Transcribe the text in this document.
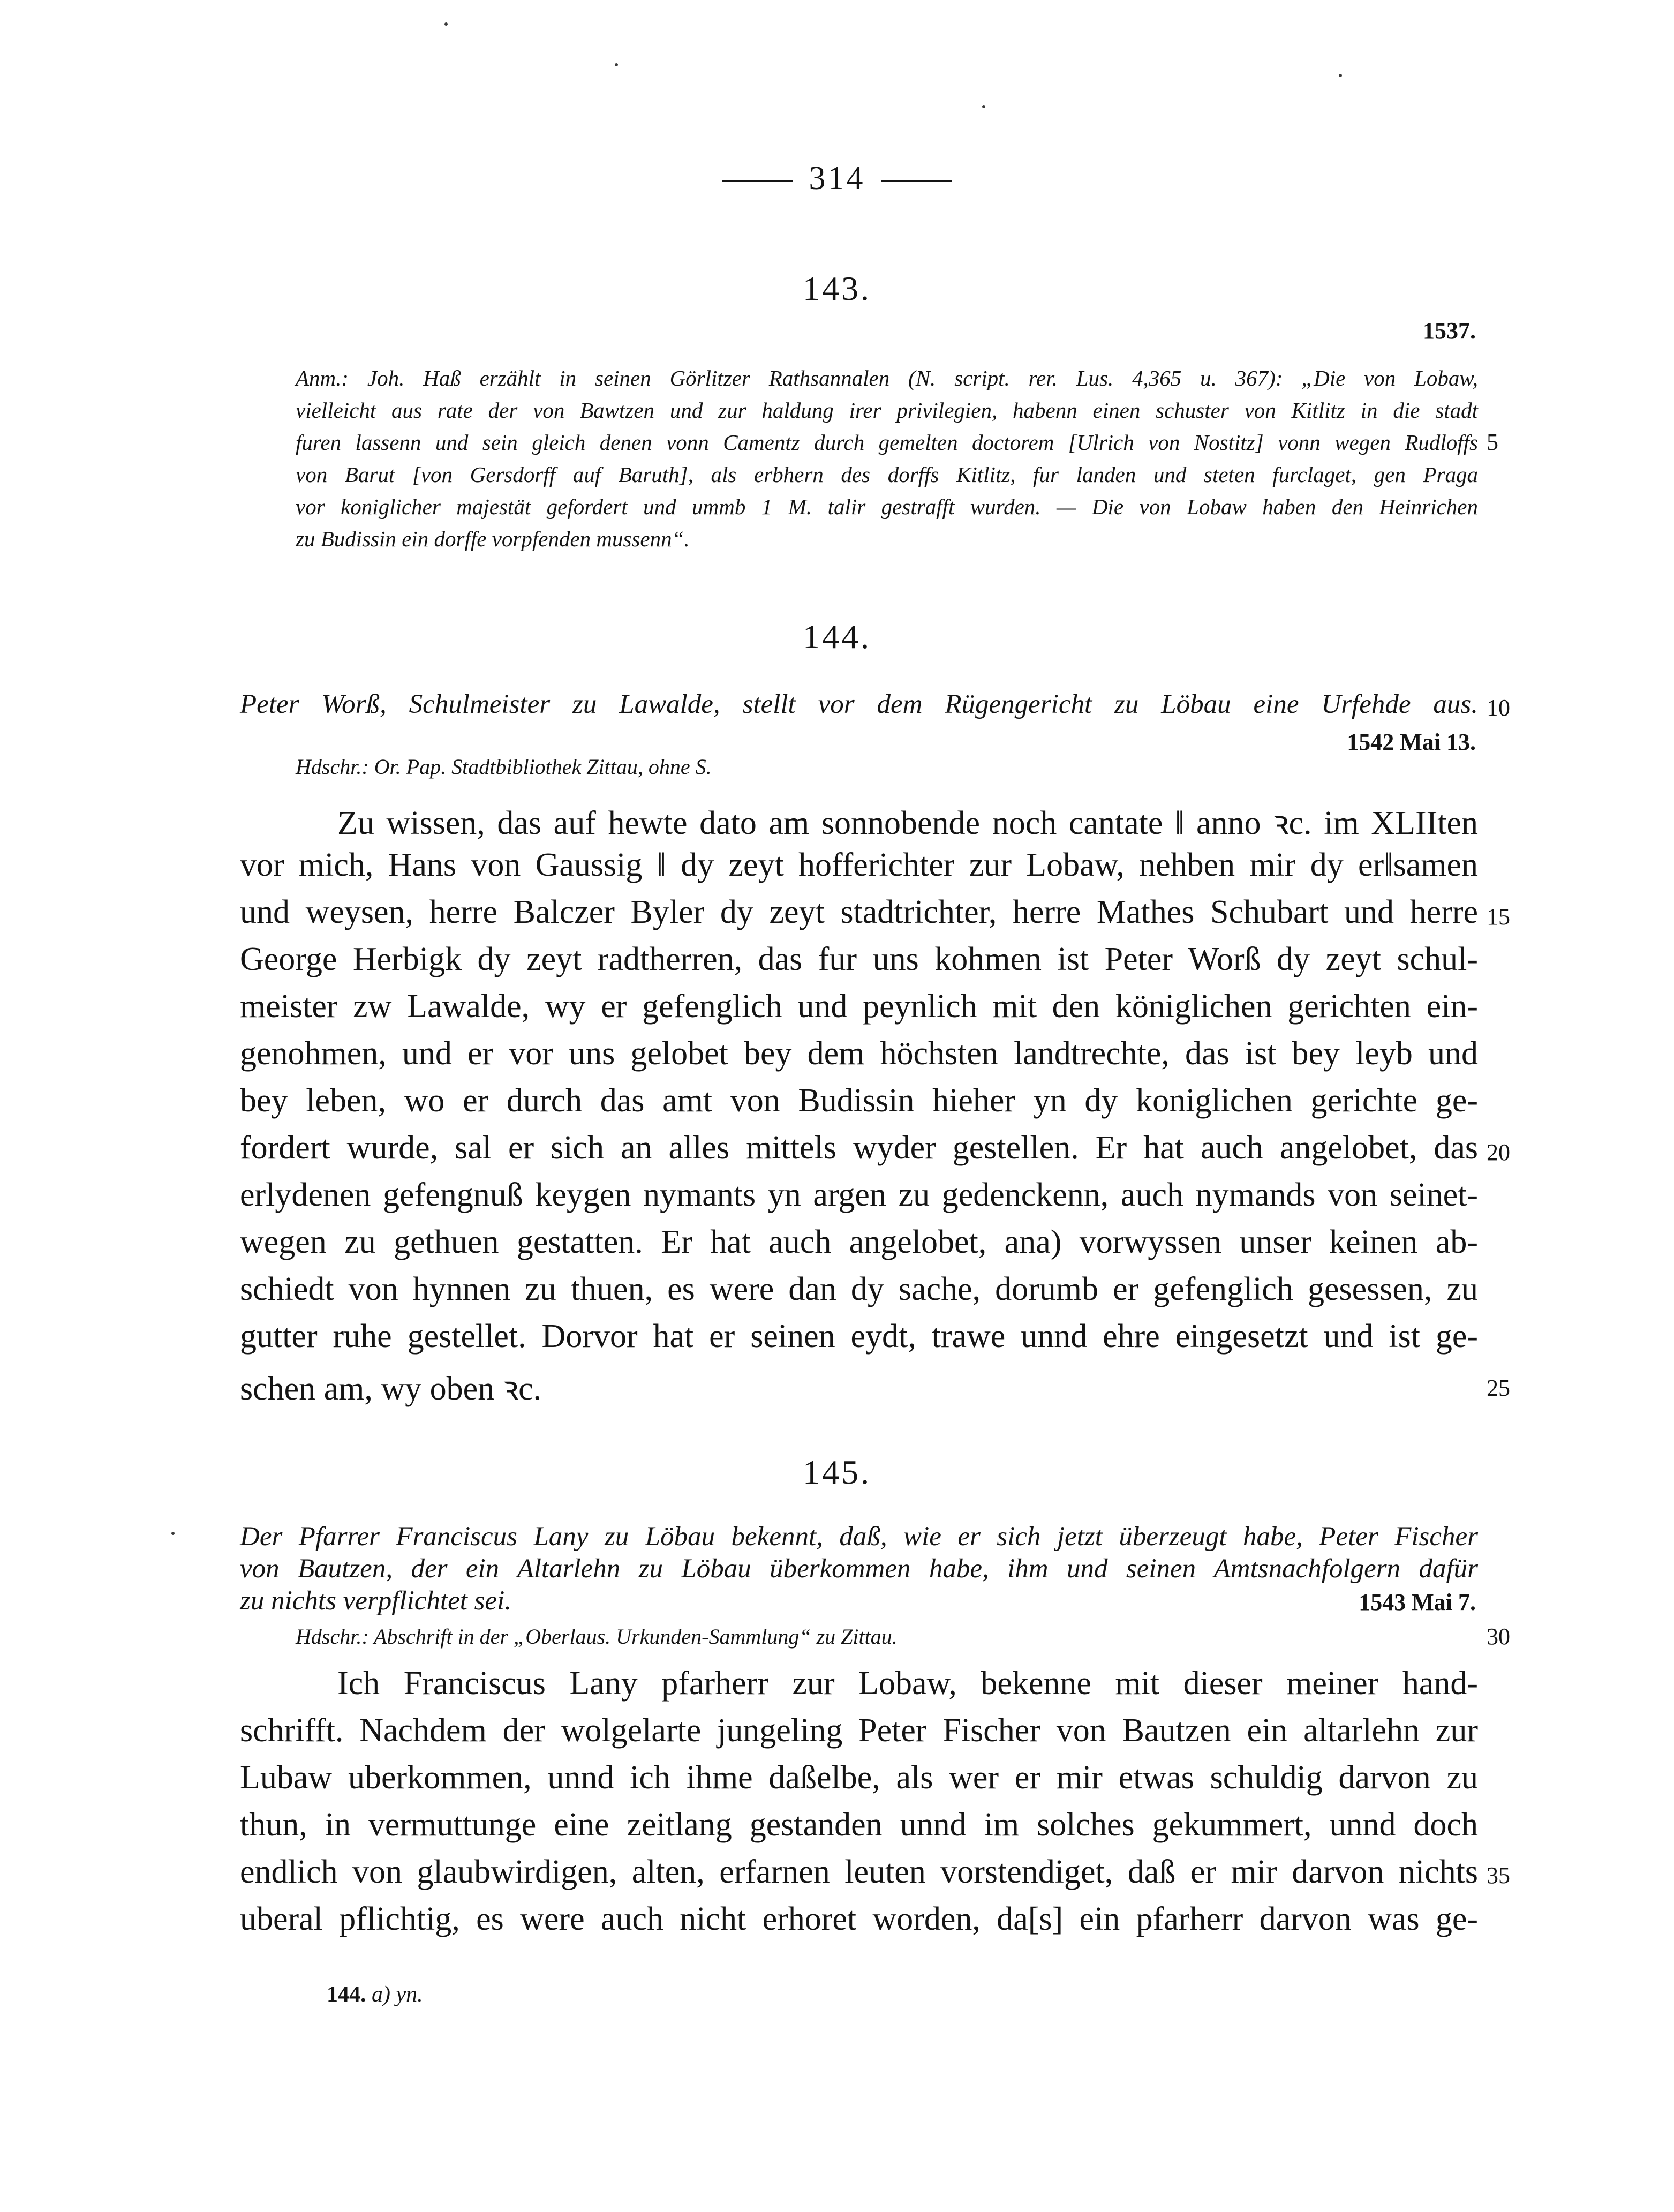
314
143.
1537.
Anm.: Joh. Haß erzählt in seinen Görlitzer Rathsannalen (N. script. rer. Lus. 4,365 u. 367): „Die von Lobaw,
vielleicht aus rate der von Bawtzen und zur haldung irer privilegien, habenn einen schuster von Kitlitz in die stadt
furen lassenn und sein gleich denen vonn Camentz durch gemelten doctorem [Ulrich von Nostitz] vonn wegen Rudloffs 5
von Barut [von Gersdorff auf Baruth], als erbhern des dorffs Kitlitz, fur landen und steten furclaget, gen Praga
vor koniglicher majestät gefordert und ummb 1 M. talir gestrafft wurden. — Die von Lobaw haben den Heinrichen
zu Budissin ein dorffe vorpfenden mussenn“.
144.
Peter Worß, Schulmeister zu Lawalde, stellt vor dem Rügengericht zu Löbau eine Urfehde aus. 10
1542 Mai 13.
Hdschr.: Or. Pap. Stadtbibliothek Zittau, ohne S.
Zu wissen, das auf hewte dato am sonnobende noch cantate ‖ anno ꝛc. im XLIIten
vor mich, Hans von Gaussig ‖ dy zeyt hofferichter zur Lobaw, nehben mir dy er‖samen
und weysen, herre Balczer Byler dy zeyt stadtrichter, herre Mathes Schubart und herre 15
George Herbigk dy zeyt radtherren, das fur uns kohmen ist Peter Worß dy zeyt schul-
meister zw Lawalde, wy er gefenglich und peynlich mit den königlichen gerichten ein-
genohmen, und er vor uns gelobet bey dem höchsten landtrechte, das ist bey leyb und
bey leben, wo er durch das amt von Budissin hieher yn dy koniglichen gerichte ge-
fordert wurde, sal er sich an alles mittels wyder gestellen. Er hat auch angelobet, das 20
erlydenen gefengnuß keygen nymants yn argen zu gedenckenn, auch nymands von seinet-
wegen zu gethuen gestatten. Er hat auch angelobet, ana) vorwyssen unser keinen ab-
schiedt von hynnen zu thuen, es were dan dy sache, dorumb er gefenglich gesessen, zu
gutter ruhe gestellet. Dorvor hat er seinen eydt, trawe unnd ehre eingesetzt und ist ge-
schen am, wy oben ꝛc.	25
145.
Der Pfarrer Franciscus Lany zu Löbau bekennt, daß, wie er sich jetzt überzeugt habe, Peter Fischer
von Bautzen, der ein Altarlehn zu Löbau überkommen habe, ihm und seinen Amtsnachfolgern dafür
zu nichts verpflichtet sei.	1543 Mai 7.
Hdschr.: Abschrift in der „Oberlaus. Urkunden-Sammlung“ zu Zittau.	30
Ich Franciscus Lany pfarherr zur Lobaw, bekenne mit dieser meiner hand-
schrifft. Nachdem der wolgelarte jungeling Peter Fischer von Bautzen ein altarlehn zur
Lubaw uberkommen, unnd ich ihme daßelbe, als wer er mir etwas schuldig darvon zu
thun, in vermuttunge eine zeitlang gestanden unnd im solches gekummert, unnd doch
endlich von glaubwirdigen, alten, erfarnen leuten vorstendiget, daß er mir darvon nichts 35
uberal pflichtig, es were auch nicht erhoret worden, da[s] ein pfarherr darvon was ge-
144. a) yn.
